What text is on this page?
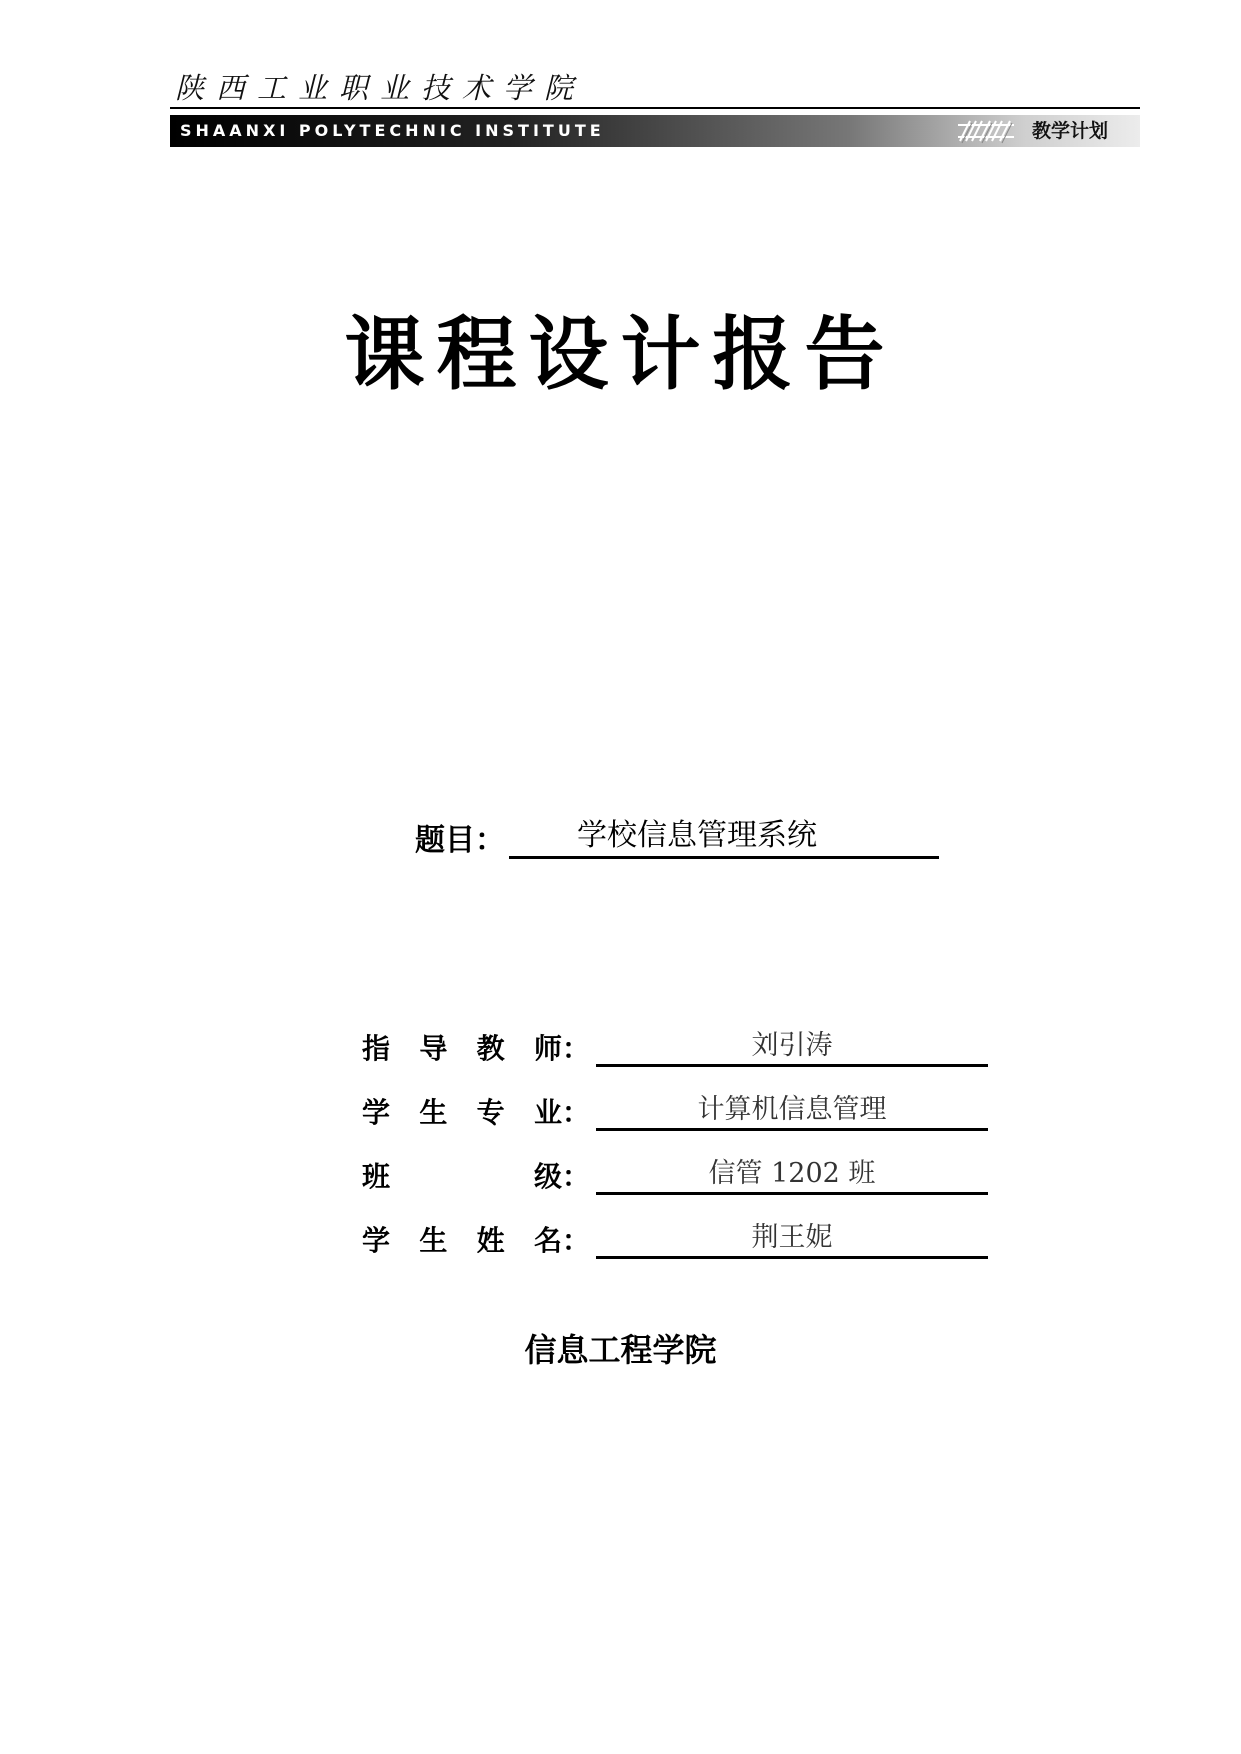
陕西工业职业技术学院
SHAANXI POLYTECHNIC INSTITUTE	教学计划
课程设计报告
题目：	学校信息管理系统
指 导 教 师 ：	刘引涛
学 生 专 业 ：	计算机信息管理
班	级 ：	信管 1202 班
学 生 姓 名 ：	荆王妮
信息工程学院
